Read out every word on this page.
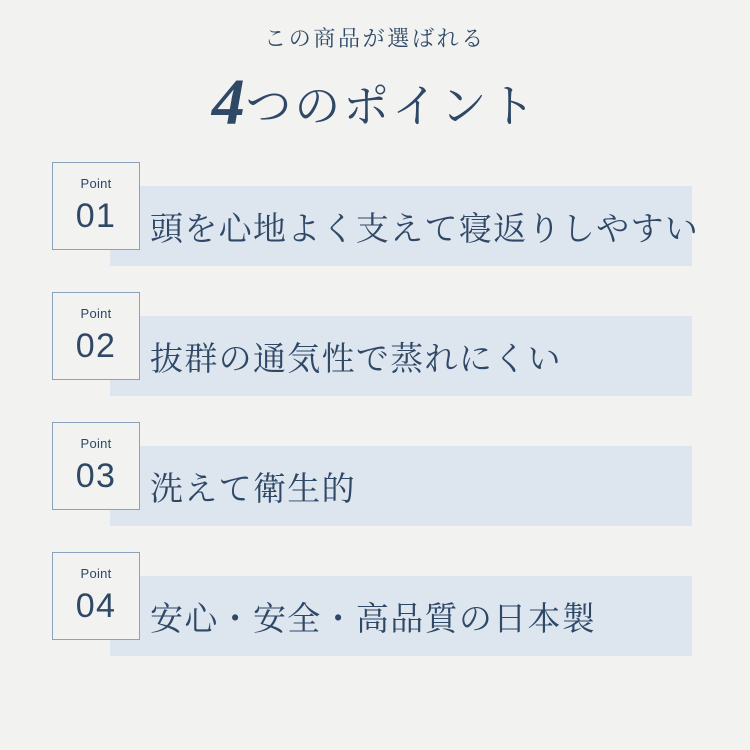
この商品が選ばれる
4つのポイント
Point
01	頭を心地よく支えて寝返りしやすい
Point
02	抜群の通気性で蒸れにくい
Point
03	洗えて衛生的
Point
04	安心・安全・高品質の日本製
